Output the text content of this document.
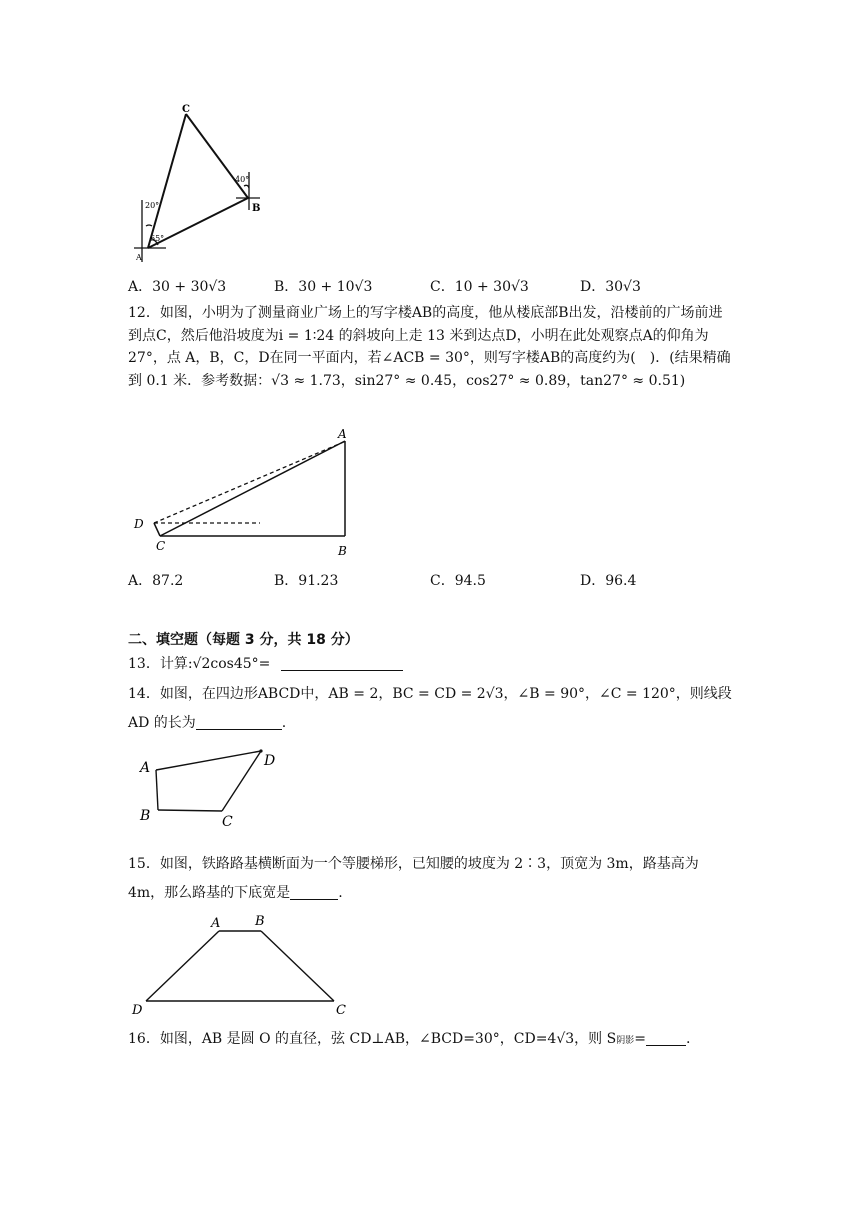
C
B
A
20°
40°
65°
A．30 + 30√3	B．30 + 10√3	C．10 + 30√3	D．30√3
12．如图，小明为了测量商业广场上的写字楼AB的高度，他从楼底部B出发，沿楼前的广场前进到点C，然后他沿坡度为i = 1∶24 的斜坡向上走 13 米到达点D，小明在此处观察点A的仰角为 27°，点 A，B，C，D在同一平面内，若∠ACB = 30°，则写字楼AB的高度约为(　)．(结果精确到 0.1 米．参考数据：√3 ≈ 1.73，sin27° ≈ 0.45，cos27° ≈ 0.89，tan27° ≈ 0.51)
A
B
C
D
A．87.2	B．91.23	C．94.5	D．96.4
二、填空题（每题 3 分，共 18 分）
13．计算:√2cos45°=
14．如图，在四边形ABCD中，AB = 2，BC = CD = 2√3，∠B = 90°，∠C = 120°，则线段
AD 的长为	.
A
B	C
D
15．如图，铁路路基横断面为一个等腰梯形，已知腰的坡度为 2∶3，顶宽为 3m，路基高为
4m，那么路基的下底宽是	.
A	B
C
D
16．如图，AB 是圆 O 的直径，弦 CD⊥AB，∠BCD=30°，CD=4√3，则 S阴影=	.
